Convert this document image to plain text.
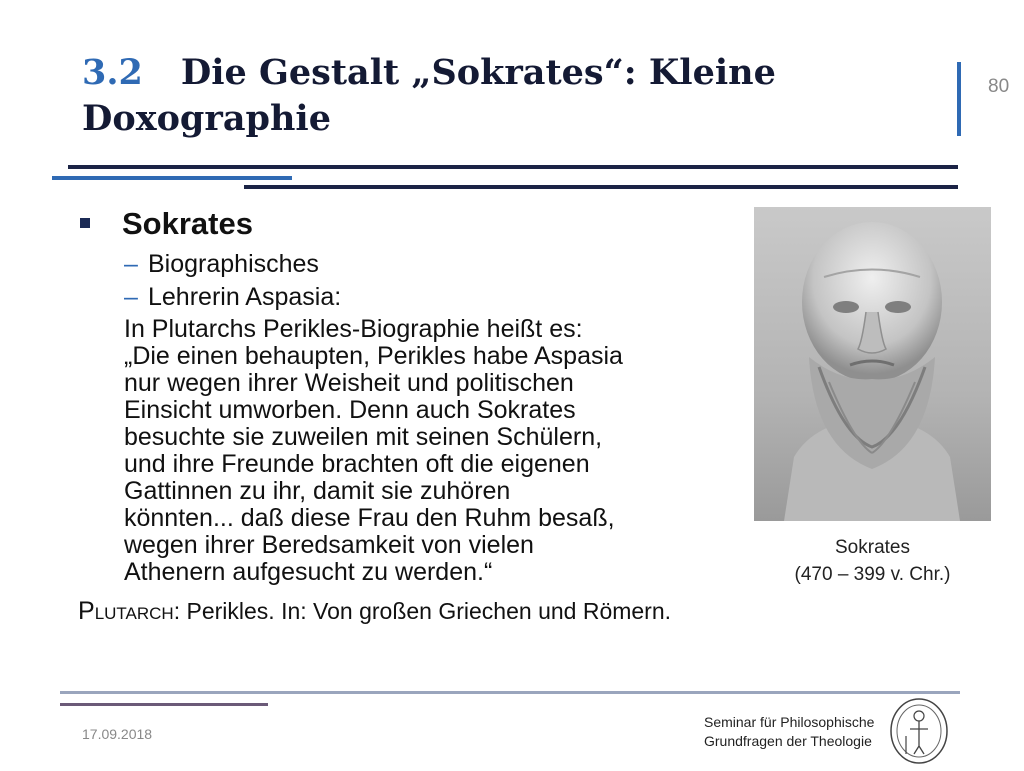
3.2 Die Gestalt „Sokrates“: Kleine
Doxographie
80
Sokrates
– Biographisches
– Lehrerin Aspasia:
In Plutarchs Perikles-Biographie heißt es:
„Die einen behaupten, Perikles habe Aspasia
nur wegen ihrer Weisheit und politischen
Einsicht umworben. Denn auch Sokrates
besuchte sie zuweilen mit seinen Schülern,
und ihre Freunde brachten oft die eigenen
Gattinnen zu ihr, damit sie zuhören
könnten... daß diese Frau den Ruhm besaß,
wegen ihrer Beredsamkeit von vielen
Athenern aufgesucht zu werden.“
PLUTARCH: Perikles. In: Von großen Griechen und Römern.
Sokrates
(470 – 399 v. Chr.)
17.09.2018
Seminar für Philosophische
Grundfragen der Theologie
